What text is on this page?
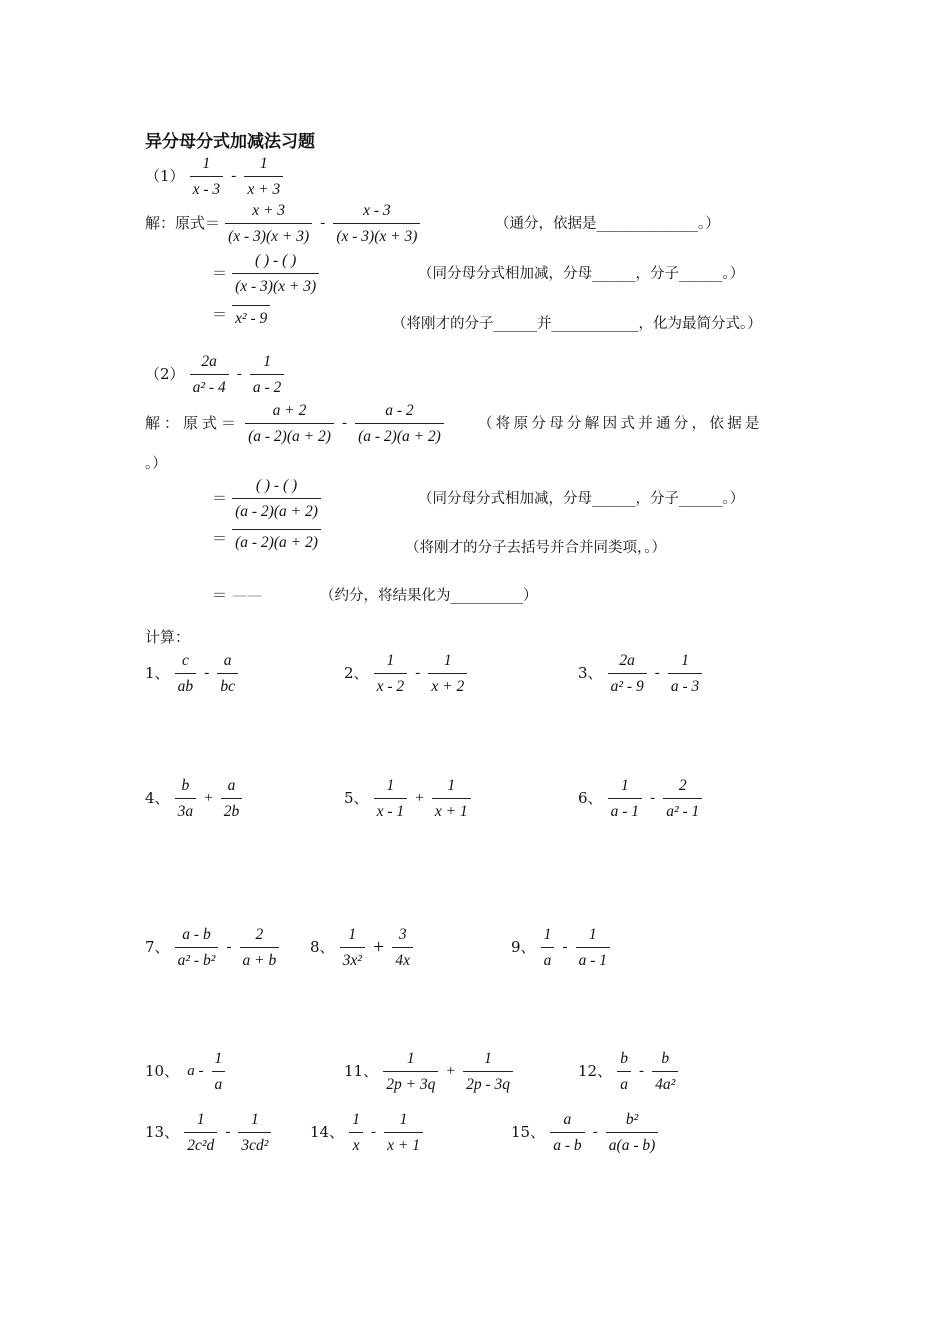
异分母分式加减法习题
$(1) \frac{1}{x - 3} - \frac{1}{x + 3}$
解：原式＝ $\frac{x + 3}{(x - 3)(x + 3)} - \frac{x - 3}{(x - 3)(x + 3)}$	（通分，依据是______________。）
＝
( ) - ( )
(x - 3)(x + 3)
（同分母分式相加减，分母______，分子______。）
＝ x² - 9	（将刚才的分子______并____________，化为最简分式。）
$(2) \frac{2a}{\text{a² - 4}} - \frac{1}{a - 2}$
解：原式＝ $\frac{a + 2}{(a - 2)(a + 2)} - \frac{a - 2}{(a - 2)(a + 2)}$ （将原分母分解因式并通分，依据是
。）
＝
( ) - ( )
(a - 2)(a + 2)
（同分母分式相加减，分母______，分子______。）
＝ (a - 2)(a + 2)	（将刚才的分子去括号并合并同类项，。）
＝ ——	（约分，将结果化为__________）
计算：
1、 $\frac{c}{ab} - \frac{a}{bc}$	2、 $\frac{1}{x - 2} - \frac{1}{x + 2}$	3、 $\frac{2a}{\text{a² - 9}} - \frac{1}{a - 3}$
4、 $\frac{b}{3a} + \frac{a}{2b}$	5、 $\frac{1}{x - 1} + \frac{1}{x + 1}$	6、 $\frac{1}{a - 1} - \frac{2}{\text{a² - 1}}$
7、 $\frac{a - b}{\text{a² - b²}} - \frac{2}{a + b} 8$、 $\frac{1}{\text{3x²}} + \frac{3}{4x}$	9、 $\frac{1}{a} - \frac{1}{a - 1}$
10、 a - $\frac{1}{a}$	11、 $\frac{1}{2p + 3q} + \frac{1}{2p - 3q}$	12、 $\frac{b}{a} - \frac{b}{\text{4a²}}$
13、 $\frac{1}{\text{2c²d}} - \frac{1}{\text{3cd²}}$	14、 $\frac{1}{x} - \frac{1}{x + 1}$	15、 $\frac{a}{a - b} - \frac{\text{b²}}{a(a - b)}$
